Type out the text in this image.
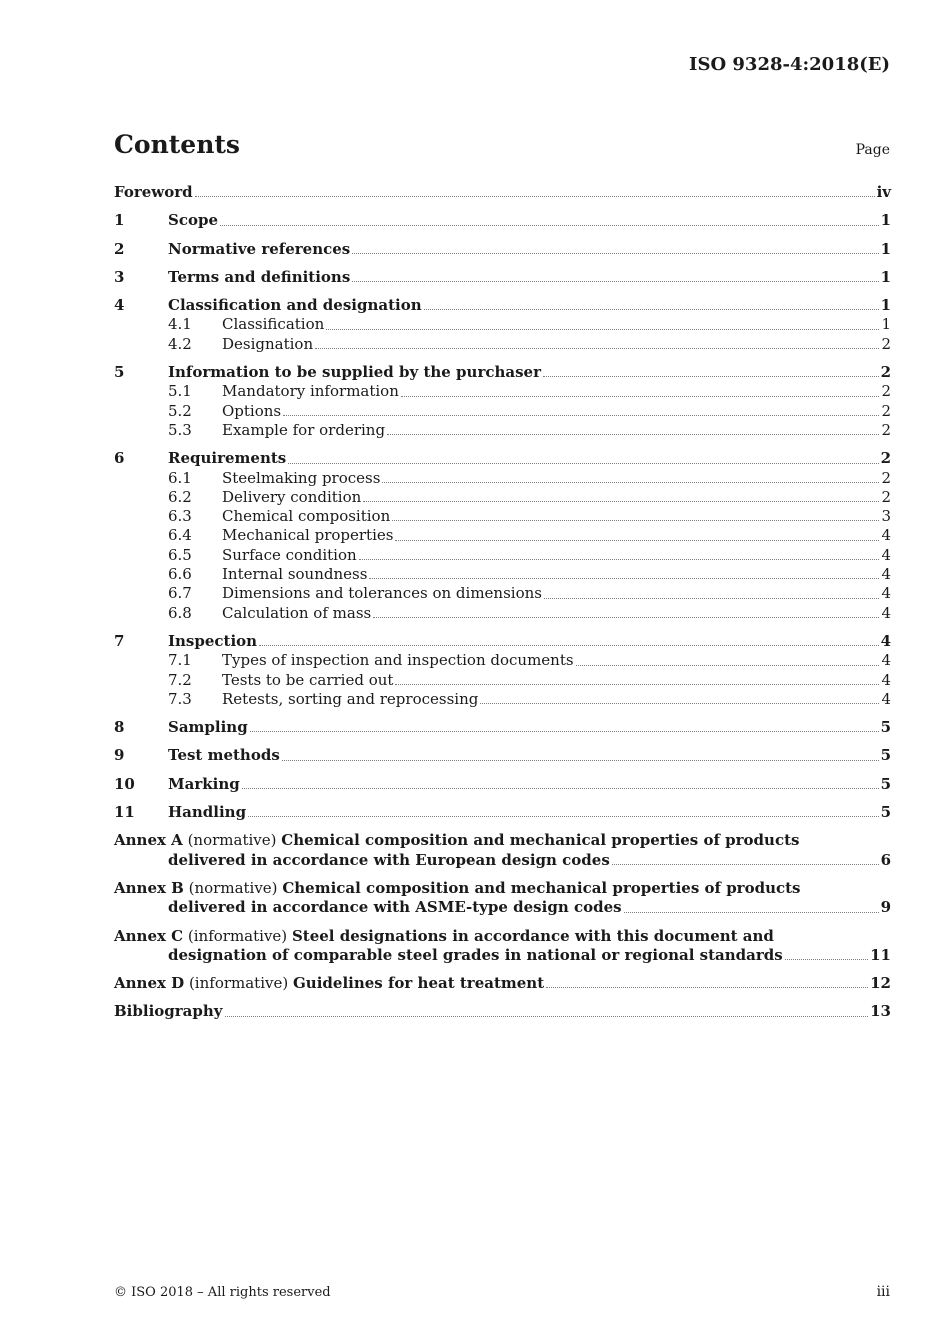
ISO 9328-4:2018(E)
Contents	Page
Foreword	iv
1	Scope	1
2	Normative references	1
3	Terms and definitions	1
4	Classification and designation	1
4.1	Classification	1
4.2	Designation	2
5	Information to be supplied by the purchaser	2
5.1	Mandatory information	2
5.2	Options	2
5.3	Example for ordering	2
6	Requirements	2
6.1	Steelmaking process	2
6.2	Delivery condition	2
6.3	Chemical composition	3
6.4	Mechanical properties	4
6.5	Surface condition	4
6.6	Internal soundness	4
6.7	Dimensions and tolerances on dimensions	4
6.8	Calculation of mass	4
7	Inspection	4
7.1	Types of inspection and inspection documents	4
7.2	Tests to be carried out	4
7.3	Retests, sorting and reprocessing	4
8	Sampling	5
9	Test methods	5
10	Marking	5
11	Handling	5
Annex A (normative) Chemical composition and mechanical properties of products
delivered in accordance with European design codes	6
Annex B (normative) Chemical composition and mechanical properties of products
delivered in accordance with ASME-type design codes	9
Annex C (informative) Steel designations in accordance with this document and
designation of comparable steel grades in national or regional standards	11
Annex D (informative) Guidelines for heat treatment	12
Bibliography	13
© ISO 2018 – All rights reserved	iii
